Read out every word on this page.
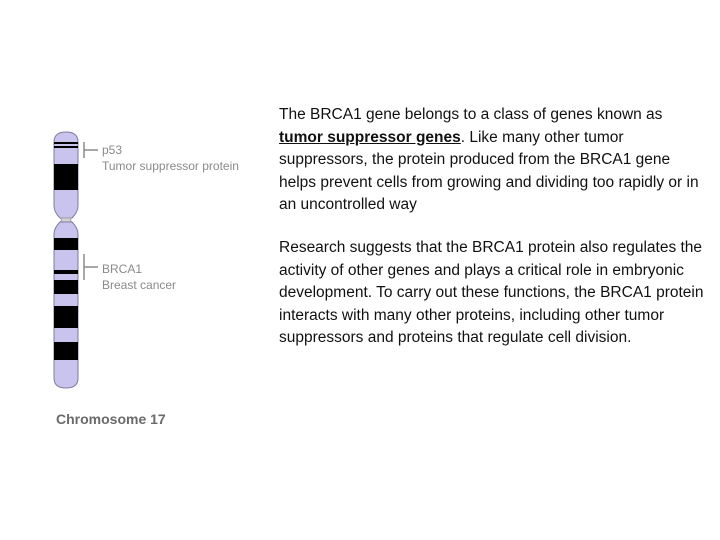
p53
Tumor suppressor protein
BRCA1
Breast cancer
Chromosome 17

The BRCA1 gene belongs to a class of genes known as tumor suppressor genes. Like many other tumor suppressors, the protein produced from the BRCA1 gene helps prevent cells from growing and dividing too rapidly or in an uncontrolled way

Research suggests that the BRCA1 protein also regulates the activity of other genes and plays a critical role in embryonic development. To carry out these functions, the BRCA1 protein interacts with many other proteins, including other tumor suppressors and proteins that regulate cell division.
